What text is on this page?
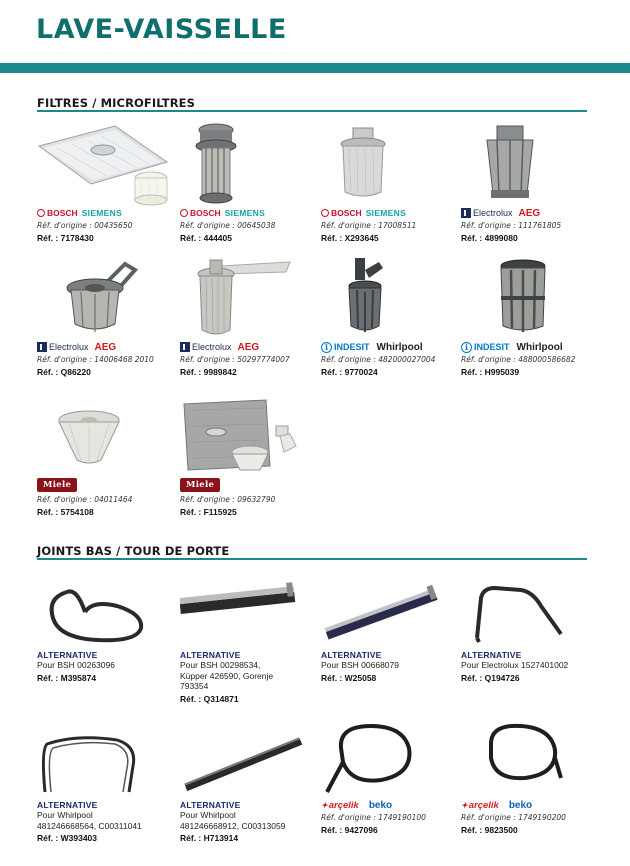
LAVE-VAISSELLE
FILTRES / MICROFILTRES
BOSCH SIEMENS
Réf. d'origine : 00435650
Réf. : 7178430
BOSCH SIEMENS
Réf. d'origine : 00645038
Réf. : 444405
BOSCH SIEMENS
Réf. d'origine : 17008511
Réf. : X293645
Electrolux AEG
Réf. d'origine : 111761805
Réf. : 4899080
Electrolux AEG
Réf. d'origine : 14006468 2010
Réf. : Q86220
Electrolux AEG
Réf. d'origine : 50297774007
Réf. : 9989842
i INDESIT Whirlpool
Réf. d'origine : 482000027004
Réf. : 9770024
i INDESIT Whirlpool
Réf. d'origine : 488000586682
Réf. : H995039
Miele
Réf. d'origine : 04011464
Réf. : 5754108
Miele
Réf. d'origine : 09632790
Réf. : F115925
JOINTS BAS / TOUR DE PORTE
ALTERNATIVE
Pour BSH 00263096
Réf. : M395874
ALTERNATIVE
Pour BSH 00298534,
Küpper 426590, Gorenje
793354
Réf. : Q314871
ALTERNATIVE
Pour BSH 00668079
Réf. : W25058
ALTERNATIVE
Pour Electrolux 1527401002
Réf. : Q194726
ALTERNATIVE
Pour Whirlpool
481246668564, C00311041
Réf. : W393403
ALTERNATIVE
Pour Whirlpool
481246668912, C00313059
Réf. : H713914
✦ arçelik beko
Réf. d'origine : 1749190100
Réf. : 9427096
✦ arçelik beko
Réf. d'origine : 1749190200
Réf. : 9823500
